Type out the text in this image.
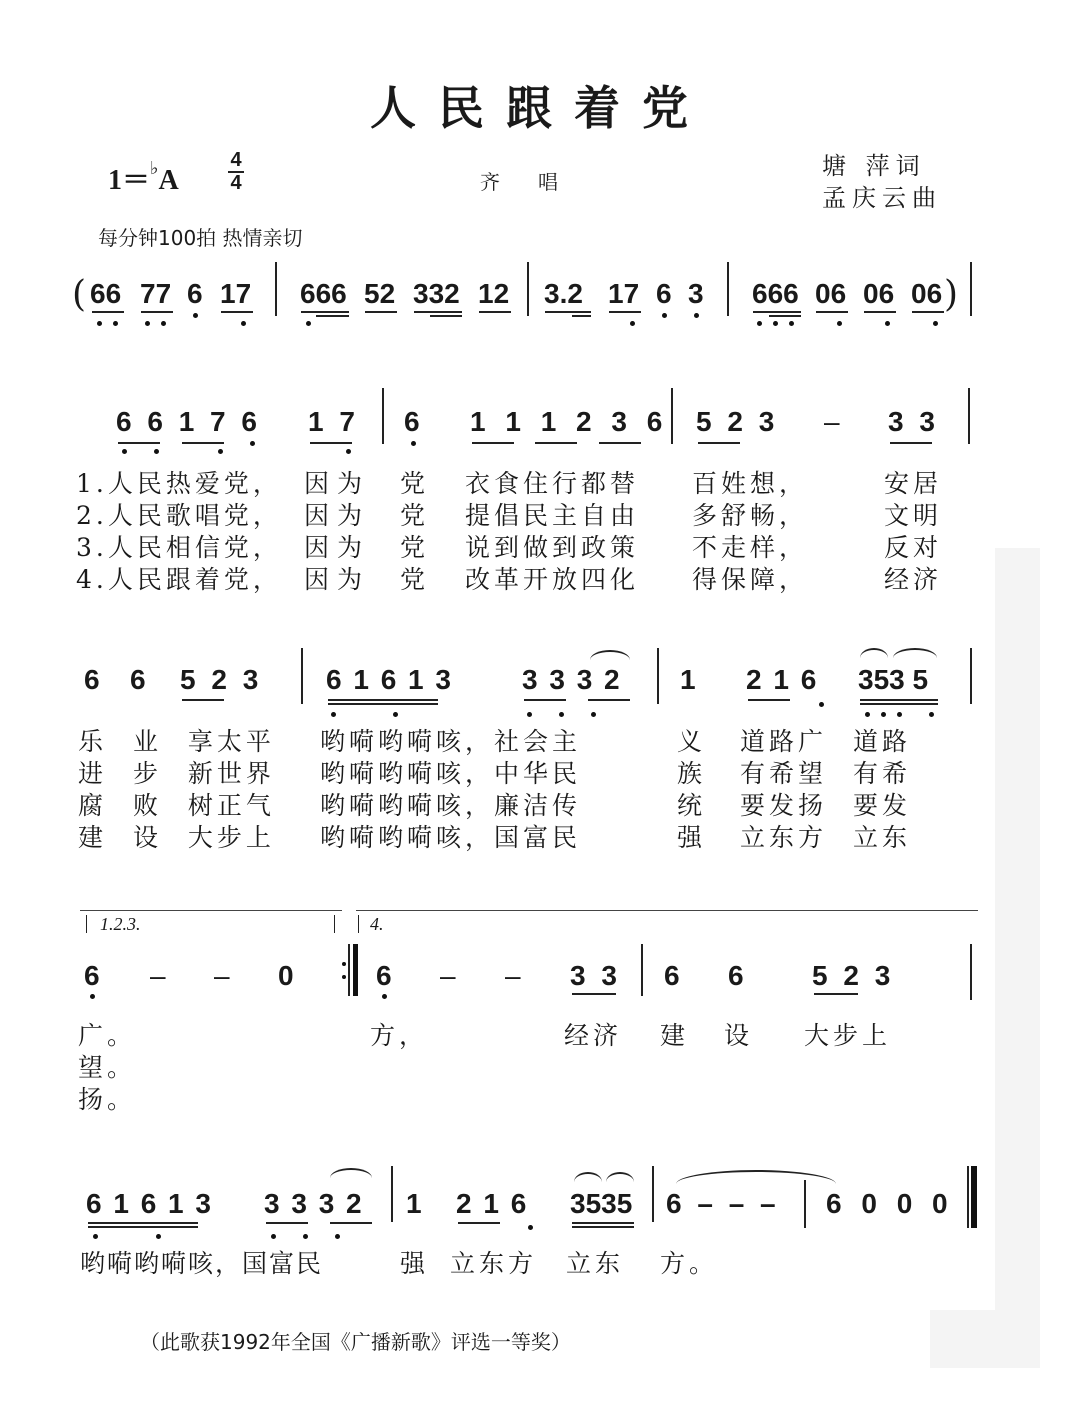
人民跟着党
1＝♭A
4
4	齐唱
塘 萍词
孟庆云曲
每分钟100拍 热情亲切
( 66 77 6 17 666 52 332 12 3.2 17 6 3 666 06 06 06 )
6 6 1 7 6 1 7 6 1 1 1 2 3 6 5 2 3 – 3 3
1.人民热爱党，
2.人民歌唱党，
3.人民相信党，
4.人民跟着党，
因为
因为
因为
因为
党
党
党
党
衣食住行都替
提倡民主自由
说到做到政策
改革开放四化
百姓想，
多舒畅，
不走样，
得保障，
安居
文明
反对
经济
6 6 5 2 3 6 1 6 1 3 3 3 3 2 1 2 1 6 353 5
乐 业 享太平
进 步 新世界
腐 败 树正气
建 设 大步上
哟嗬哟嗬咳，社会主
哟嗬哟嗬咳，中华民
哟嗬哟嗬咳，廉洁传
哟嗬哟嗬咳，国富民
义
族
统
强
道路广
有希望
要发扬
立东方
道路
有希
要发
立东
1.2.3.	4.
6 – – 0	6 – – 3 3 6 6 5 2 3
广。
望。
扬。
方，	经济 建 设 大步上
6 1 6 1 3 3 3 3 2 1 2 1 6 3535 6 – – – 6 0 0 0
哟嗬哟嗬咳，国富民	强 立东方 立东 方。
（此歌获1992年全国《广播新歌》评选一等奖）
